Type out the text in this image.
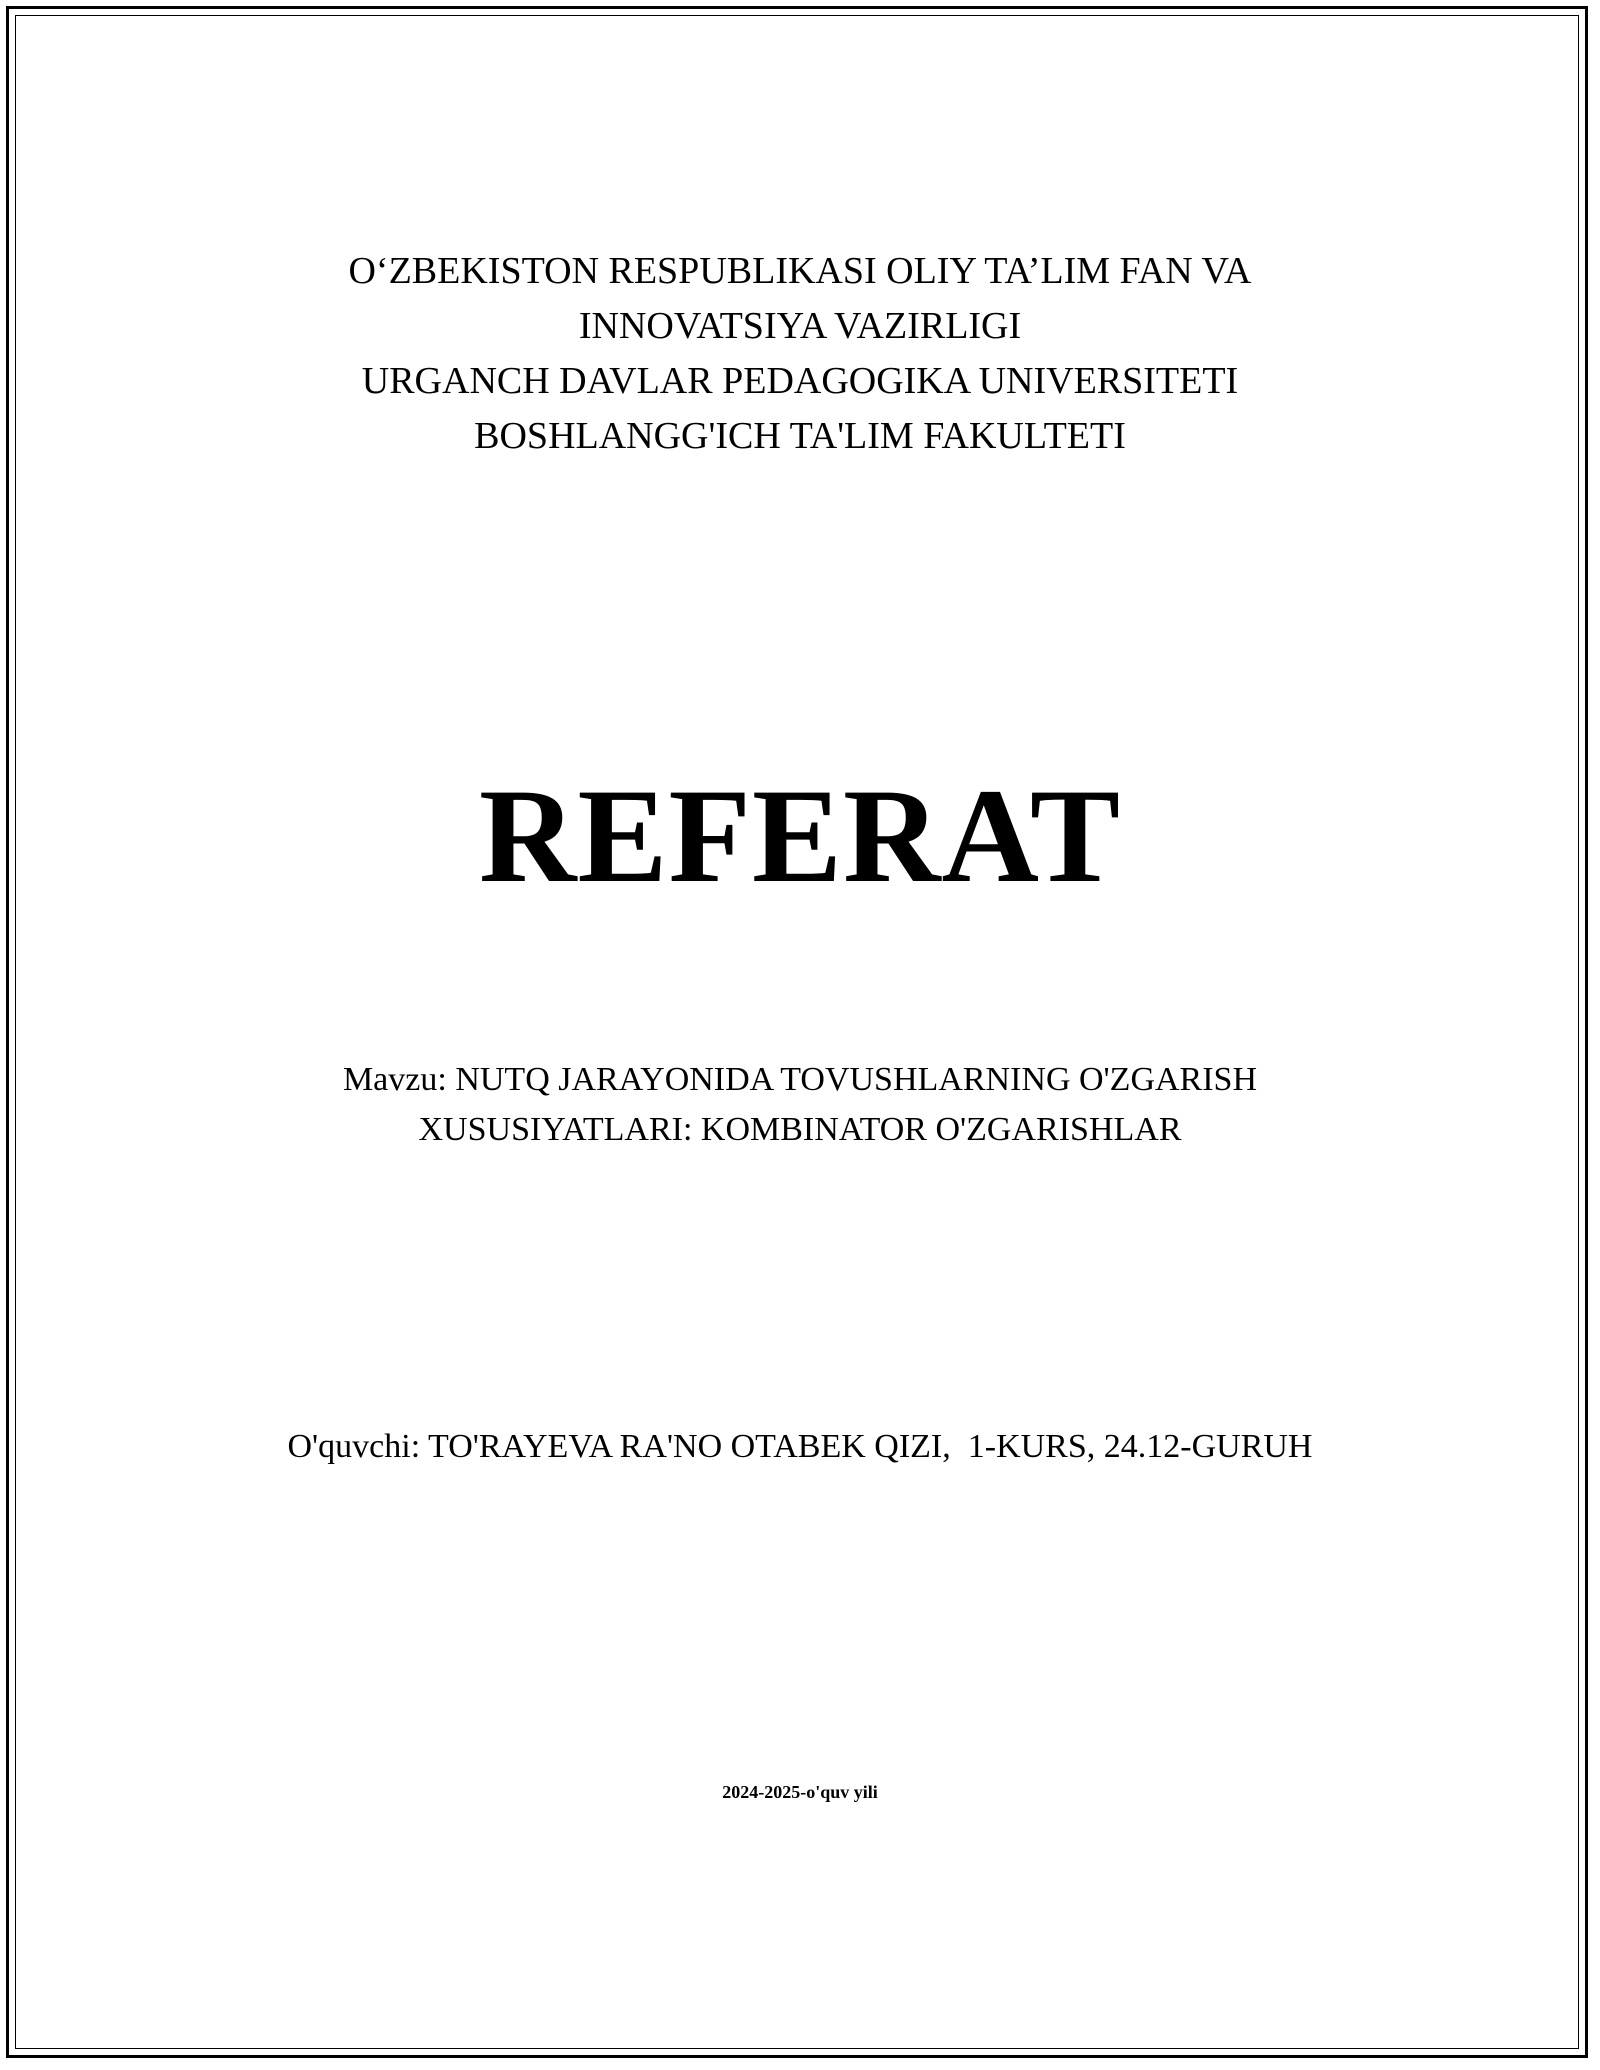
O‘ZBEKISTON RESPUBLIKASI OLIY TA’LIM FAN VA
INNOVATSIYA VAZIRLIGI
URGANCH DAVLAR PEDAGOGIKA UNIVERSITETI
BOSHLANGG'ICH TA'LIM FAKULTETI
REFERAT
Mavzu: NUTQ JARAYONIDA TOVUSHLARNING O'ZGARISH
XUSUSIYATLARI: KOMBINATOR O'ZGARISHLAR
O'quvchi: TO'RAYEVA RA'NO OTABEK QIZI,  1-KURS, 24.12-GURUH
2024-2025-o'quv yili
